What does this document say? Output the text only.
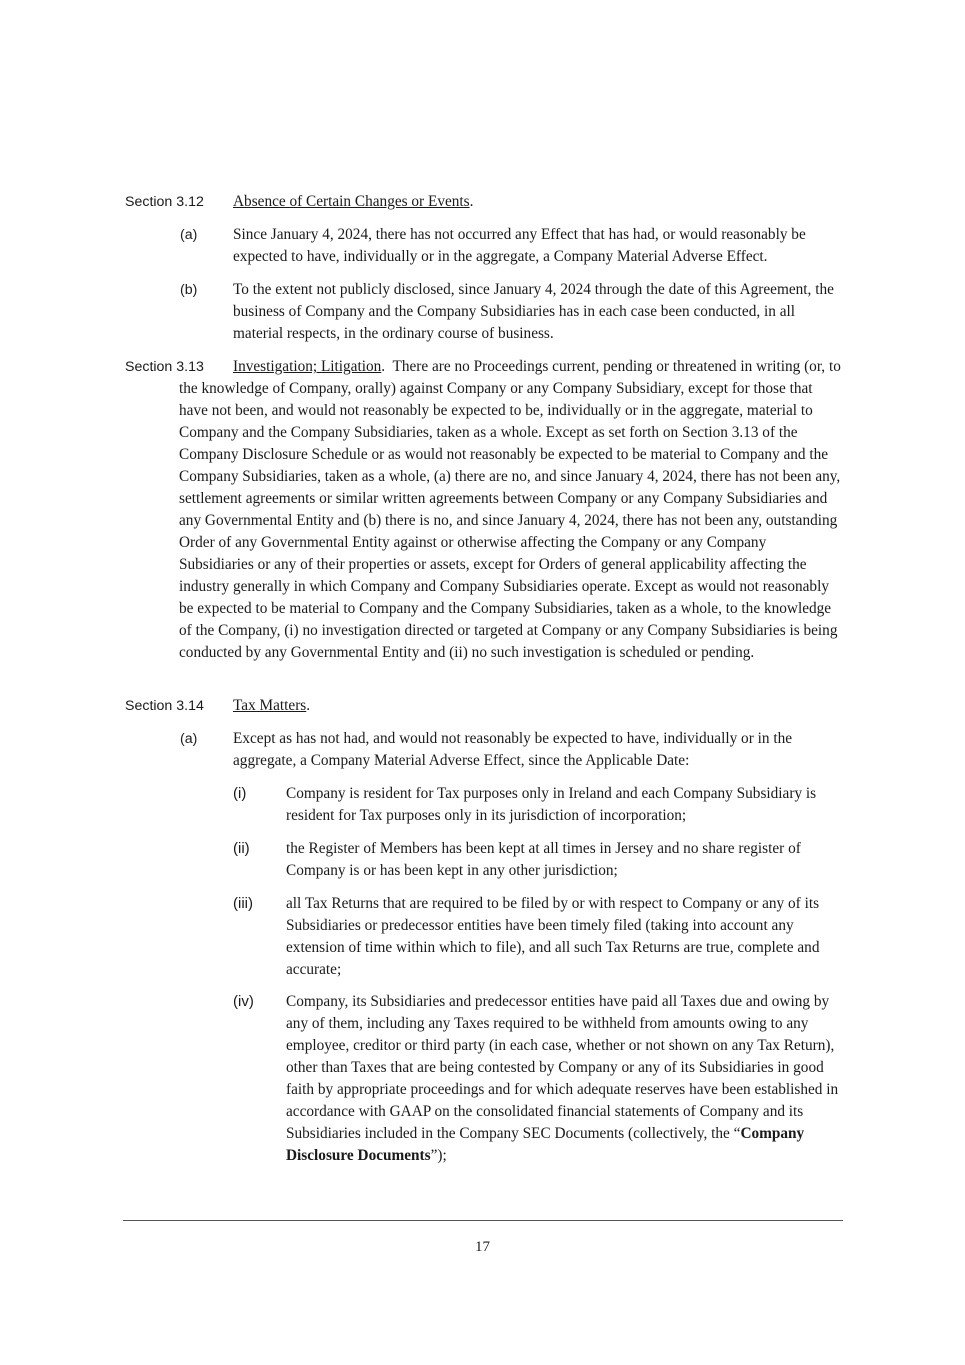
Section 3.12 Absence of Certain Changes or Events.
(a) Since January 4, 2024, there has not occurred any Effect that has had, or would reasonably be expected to have, individually or in the aggregate, a Company Material Adverse Effect.

(b) To the extent not publicly disclosed, since January 4, 2024 through the date of this Agreement, the business of Company and the Company Subsidiaries has in each case been conducted, in all material respects, in the ordinary course of business.

Section 3.13	Investigation; Litigation. There are no Proceedings current, pending or threatened in writing (or, to the knowledge of Company, orally) against Company or any Company Subsidiary, except for those that have not been, and would not reasonably be expected to be, individually or in the aggregate, material to Company and the Company Subsidiaries, taken as a whole. Except as set forth on Section 3.13 of the Company Disclosure Schedule or as would not reasonably be expected to be material to Company and the Company Subsidiaries, taken as a whole, (a) there are no, and since January 4, 2024, there has not been any, settlement agreements or similar written agreements between Company or any Company Subsidiaries and any Governmental Entity and (b) there is no, and since January 4, 2024, there has not been any, outstanding Order of any Governmental Entity against or otherwise affecting the Company or any Company Subsidiaries or any of their properties or assets, except for Orders of general applicability affecting the industry generally in which Company and Company Subsidiaries operate. Except as would not reasonably be expected to be material to Company and the Company Subsidiaries, taken as a whole, to the knowledge of the Company, (i) no investigation directed or targeted at Company or any Company Subsidiaries is being conducted by any Governmental Entity and (ii) no such investigation is scheduled or pending.

Section 3.14 Tax Matters.
(a) Except as has not had, and would not reasonably be expected to have, individually or in the aggregate, a Company Material Adverse Effect, since the Applicable Date:

(i)	Company is resident for Tax purposes only in Ireland and each Company Subsidiary is resident for Tax purposes only in its jurisdiction of incorporation;

(ii) the Register of Members has been kept at all times in Jersey and no share register of Company is or has been kept in any other jurisdiction;

(iii) all Tax Returns that are required to be filed by or with respect to Company or any of its Subsidiaries or predecessor entities have been timely filed (taking into account any extension of time within which to file), and all such Tax Returns are true, complete and accurate;

(iv) Company, its Subsidiaries and predecessor entities have paid all Taxes due and owing by any of them, including any Taxes required to be withheld from amounts owing to any employee, creditor or third party (in each case, whether or not shown on any Tax Return), other than Taxes that are being contested by Company or any of its Subsidiaries in good faith by appropriate proceedings and for which adequate reserves have been established in accordance with GAAP on the consolidated financial statements of Company and its Subsidiaries included in the Company SEC Documents (collectively, the “Company Disclosure Documents”);

17
